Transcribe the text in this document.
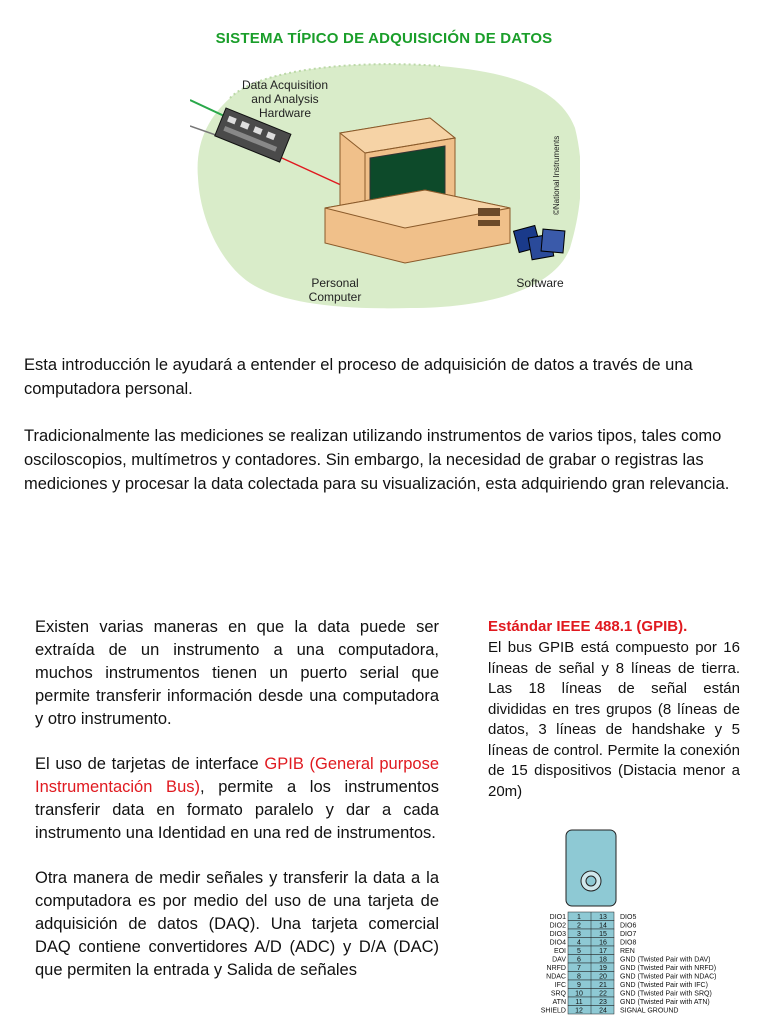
SISTEMA TÍPICO DE ADQUISICIÓN DE DATOS
Data Acquisition
and Analysis
Hardware
Personal
Computer
Software
©National Instruments
Esta introducción le ayudará a entender el proceso de adquisición de datos a través de una computadora personal.
Tradicionalmente las mediciones se realizan utilizando instrumentos de varios tipos, tales como osciloscopios, multímetros y contadores. Sin embargo, la necesidad de grabar o registras las mediciones y procesar la data colectada para su visualización, esta adquiriendo gran relevancia.

Existen varias maneras en que la data puede ser extraída de un instrumento a una computadora, muchos instrumentos tienen un puerto serial que permite transferir información desde una computadora y otro instrumento.

El uso de tarjetas de interface GPIB (General purpose Instrumentación Bus), permite a los instrumentos transferir data en formato paralelo y dar a cada instrumento una Identidad en una red de instrumentos.

Otra manera de medir señales y transferir la data a la computadora es por medio del uso de una tarjeta de adquisición de datos (DAQ). Una tarjeta comercial DAQ contiene convertidores A/D (ADC) y D/A (DAC) que permiten la entrada y Salida de señales

Estándar IEEE 488.1 (GPIB).
El bus GPIB está compuesto por 16 líneas de señal y 8 líneas de tierra. Las 18 líneas de señal están divididas en tres grupos (8 líneas de datos, 3 líneas de handshake y 5 líneas de control. Permite la conexión de 15 dispositivos (Distacia menor a 20m)
DIO1 1	13 DIO5
DIO2 2	14 DIO6
DIO3 3	15 DIO7
DIO4 4	16 DIO8
EOI 5	17 REN
DAV 6	18 GND (Twisted Pair with DAV)
NRFD 7	19 GND (Twisted Pair with NRFD)
NDAC 8	20 GND (Twisted Pair with NDAC)
IFC 9	21 GND (Twisted Pair with IFC)
SRQ 10 22 GND (Twisted Pair with SRQ)
ATN 11 23 GND (Twisted Pair with ATN)
SHIELD 12 24 SIGNAL GROUND
